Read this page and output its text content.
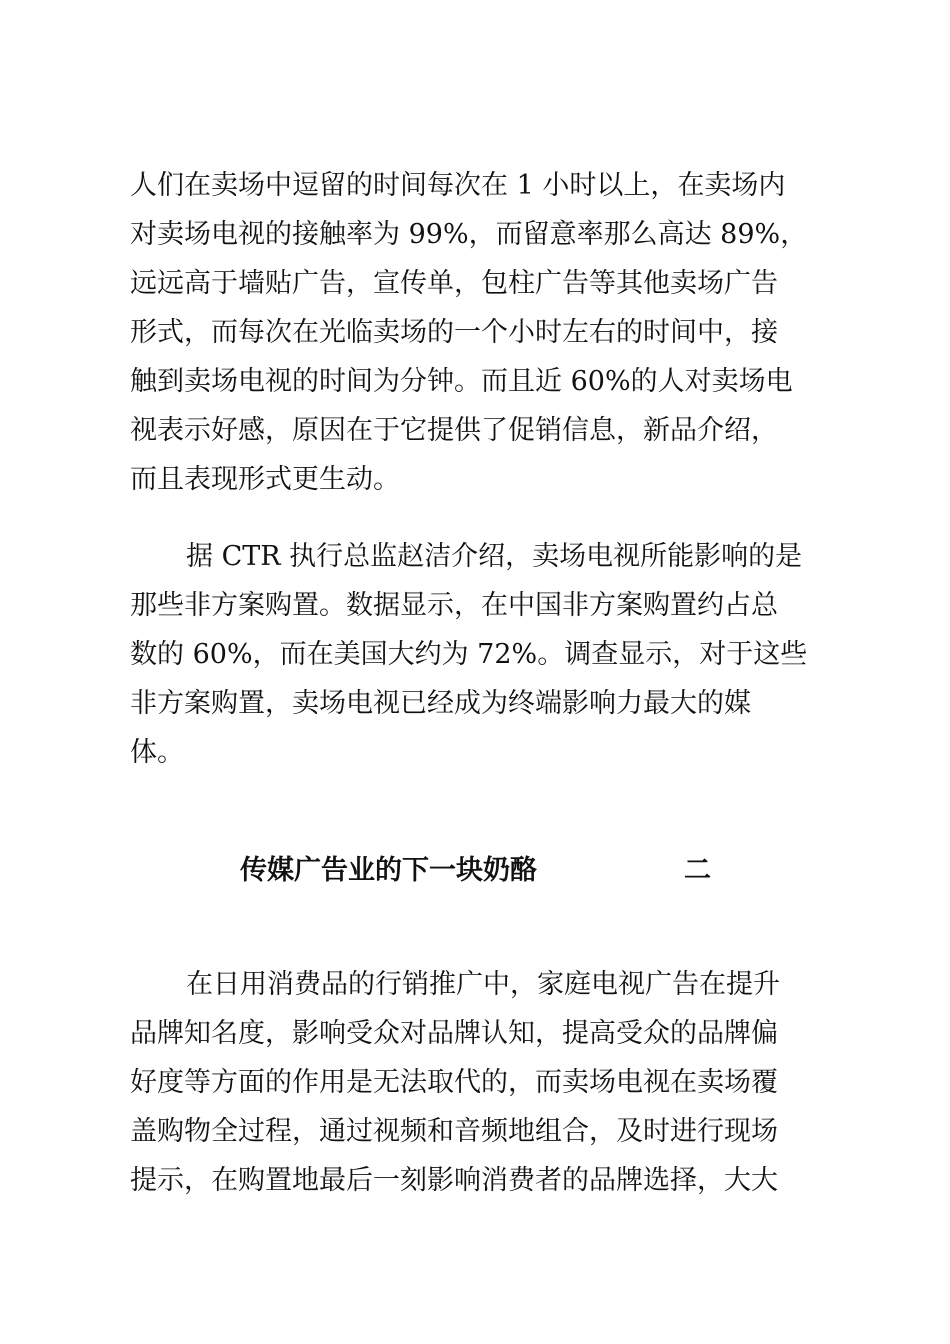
人们在卖场中逗留的时间每次在 1 小时以上，在卖场内
对卖场电视的接触率为 99%，而留意率那么高达 89%，
远远高于墙贴广告，宣传单，包柱广告等其他卖场广告
形式，而每次在光临卖场的一个小时左右的时间中，接
触到卖场电视的时间为分钟。而且近 60%的人对卖场电
视表示好感，原因在于它提供了促销信息，新品介绍，
而且表现形式更生动。
据 CTR 执行总监赵洁介绍，卖场电视所能影响的是
那些非方案购置。数据显示，在中国非方案购置约占总
数的 60%，而在美国大约为 72%。调查显示，对于这些
非方案购置，卖场电视已经成为终端影响力最大的媒
体。
传媒广告业的下一块奶酪	二
在日用消费品的行销推广中，家庭电视广告在提升
品牌知名度，影响受众对品牌认知，提高受众的品牌偏
好度等方面的作用是无法取代的，而卖场电视在卖场覆
盖购物全过程，通过视频和音频地组合，及时进行现场
提示，在购置地最后一刻影响消费者的品牌选择，大大
